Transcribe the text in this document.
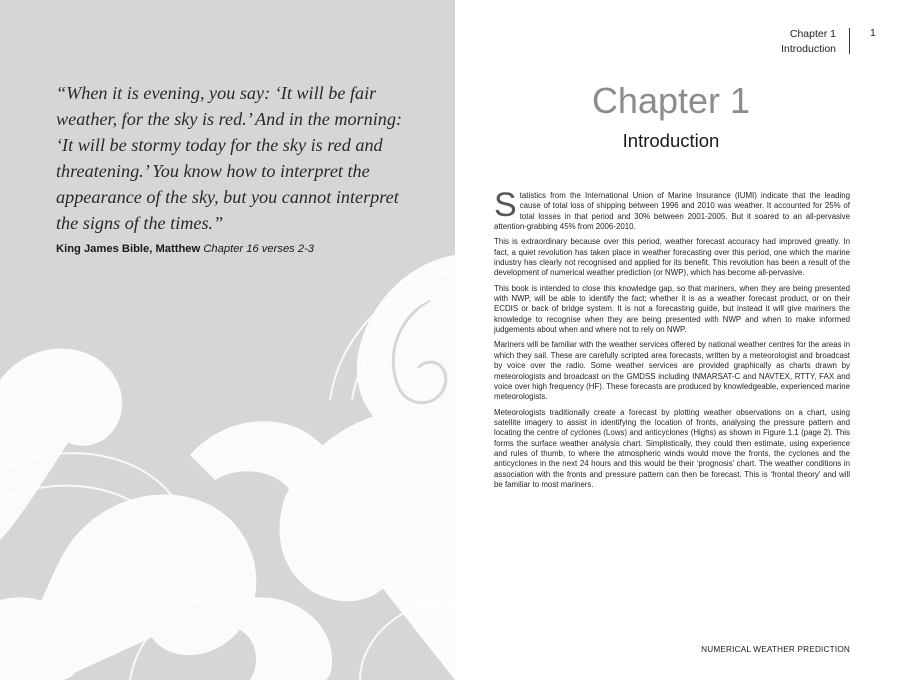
“When it is evening, you say: ‘It will be fair weather, for the sky is red.’ And in the morning: ‘It will be stormy today for the sky is red and threatening.’ You know how to interpret the appearance of the sky, but you cannot interpret the signs of the times.”

King James Bible, Matthew Chapter 16 verses 2-3

Chapter 1
Introduction
1
Chapter 1
Introduction

Statistics from the International Union of Marine Insurance (IUMI) indicate that the leading cause of total loss of shipping between 1996 and 2010 was weather. It accounted for 25% of total losses in that period and 30% between 2001-2005. But it soared to an all-pervasive attention-grabbing 45% from 2006-2010.

This is extraordinary because over this period, weather forecast accuracy had improved greatly. In fact, a quiet revolution has taken place in weather forecasting over this period, one which the marine industry has clearly not recognised and applied for its benefit. This revolution has been a result of the development of numerical weather prediction (or NWP), which has become all-pervasive.

This book is intended to close this knowledge gap, so that mariners, when they are being presented with NWP, will be able to identify the fact; whether it is as a weather forecast product, or on their ECDIS or back of bridge system. It is not a forecasting guide, but instead it will give mariners the knowledge to recognise when they are being presented with NWP and when to make informed judgements about when and where not to rely on NWP.

Mariners will be familiar with the weather services offered by national weather centres for the areas in which they sail. These are carefully scripted area forecasts, written by a meteorologist and broadcast by voice over the radio. Some weather services are provided graphically as charts drawn by meteorologists and broadcast on the GMDSS including INMARSAT-C and NAVTEX, RTTY, FAX and voice over high frequency (HF). These forecasts are produced by knowledgeable, experienced marine meteorologists.

Meteorologists traditionally create a forecast by plotting weather observations on a chart, using satellite imagery to assist in identifying the location of fronts, analysing the pressure pattern and locating the centre of cyclones (Lows) and anticyclones (Highs) as shown in Figure 1.1 (page 2). This forms the surface weather analysis chart. Simplistically, they could then estimate, using experience and rules of thumb, to where the atmospheric winds would move the fronts, the cyclones and the anticyclones in the next 24 hours and this would be their ‘prognosis’ chart. The weather conditions in association with the fronts and pressure pattern can then be forecast. This is ‘frontal theory’ and will be familiar to most mariners.

NUMERICAL WEATHER PREDICTION
